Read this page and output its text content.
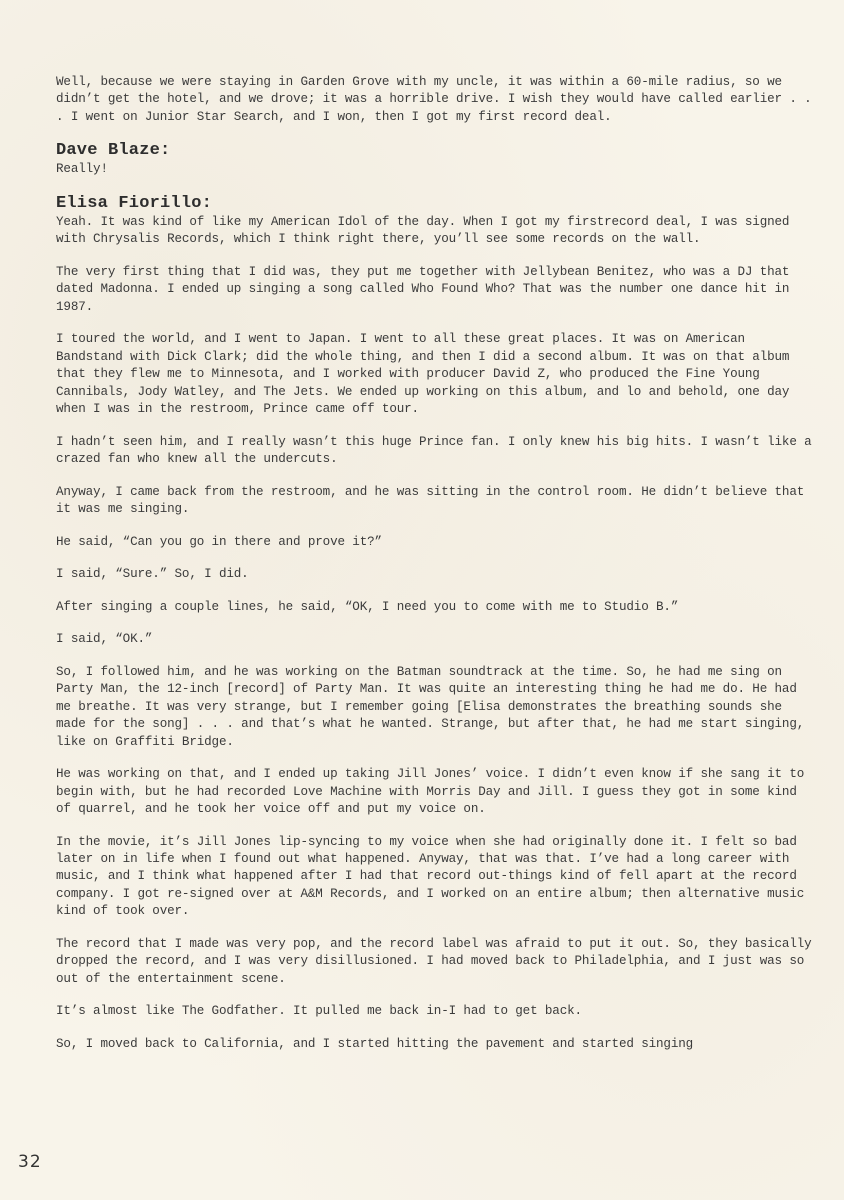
Well, because we were staying in Garden Grove with my uncle, it was within a 60-mile radius, so we didn’t get the hotel, and we drove; it was a horrible drive. I wish they would have called earlier . . . I went on Junior Star Search, and I won, then I got my first record deal.

Dave Blaze:

Really!

Elisa Fiorillo:

Yeah. It was kind of like my American Idol of the day. When I got my firstrecord deal, I was signed with Chrysalis Records, which I think right there, you’ll see some records on the wall.

The very first thing that I did was, they put me together with Jellybean Benitez, who was a DJ that dated Madonna. I ended up singing a song called Who Found Who? That was the number one dance hit in 1987.

I toured the world, and I went to Japan. I went to all these great places. It was on American Bandstand with Dick Clark; did the whole thing, and then I did a second album. It was on that album that they flew me to Minnesota, and I worked with producer David Z, who produced the Fine Young Cannibals, Jody Watley, and The Jets. We ended up working on this album, and lo and behold, one day when I was in the restroom, Prince came off tour.

I hadn’t seen him, and I really wasn’t this huge Prince fan. I only knew his big hits. I wasn’t like a crazed fan who knew all the undercuts.

Anyway, I came back from the restroom, and he was sitting in the control room. He didn’t believe that it was me singing.

He said, “Can you go in there and prove it?”

I said, “Sure.” So, I did.

After singing a couple lines, he said, “OK, I need you to come with me to Studio B.”

I said, “OK.”

So, I followed him, and he was working on the Batman soundtrack at the time. So, he had me sing on Party Man, the 12-inch [record] of Party Man. It was quite an interesting thing he had me do. He had me breathe. It was very strange, but I remember going [Elisa demonstrates the breathing sounds she made for the song] . . . and that’s what he wanted. Strange, but after that, he had me start singing, like on Graffiti Bridge.

He was working on that, and I ended up taking Jill Jones’ voice. I didn’t even know if she sang it to begin with, but he had recorded Love Machine with Morris Day and Jill. I guess they got in some kind of quarrel, and he took her voice off and put my voice on.

In the movie, it’s Jill Jones lip-syncing to my voice when she had originally done it. I felt so bad later on in life when I found out what happened. Anyway, that was that. I’ve had a long career with music, and I think what happened after I had that record out-things kind of fell apart at the record company. I got re-signed over at A&M Records, and I worked on an entire album; then alternative music kind of took over.

The record that I made was very pop, and the record label was afraid to put it out. So, they basically dropped the record, and I was very disillusioned. I had moved back to Philadelphia, and I just was so out of the entertainment scene.

It’s almost like The Godfather. It pulled me back in-I had to get back.

So, I moved back to California, and I started hitting the pavement and started singing

32
